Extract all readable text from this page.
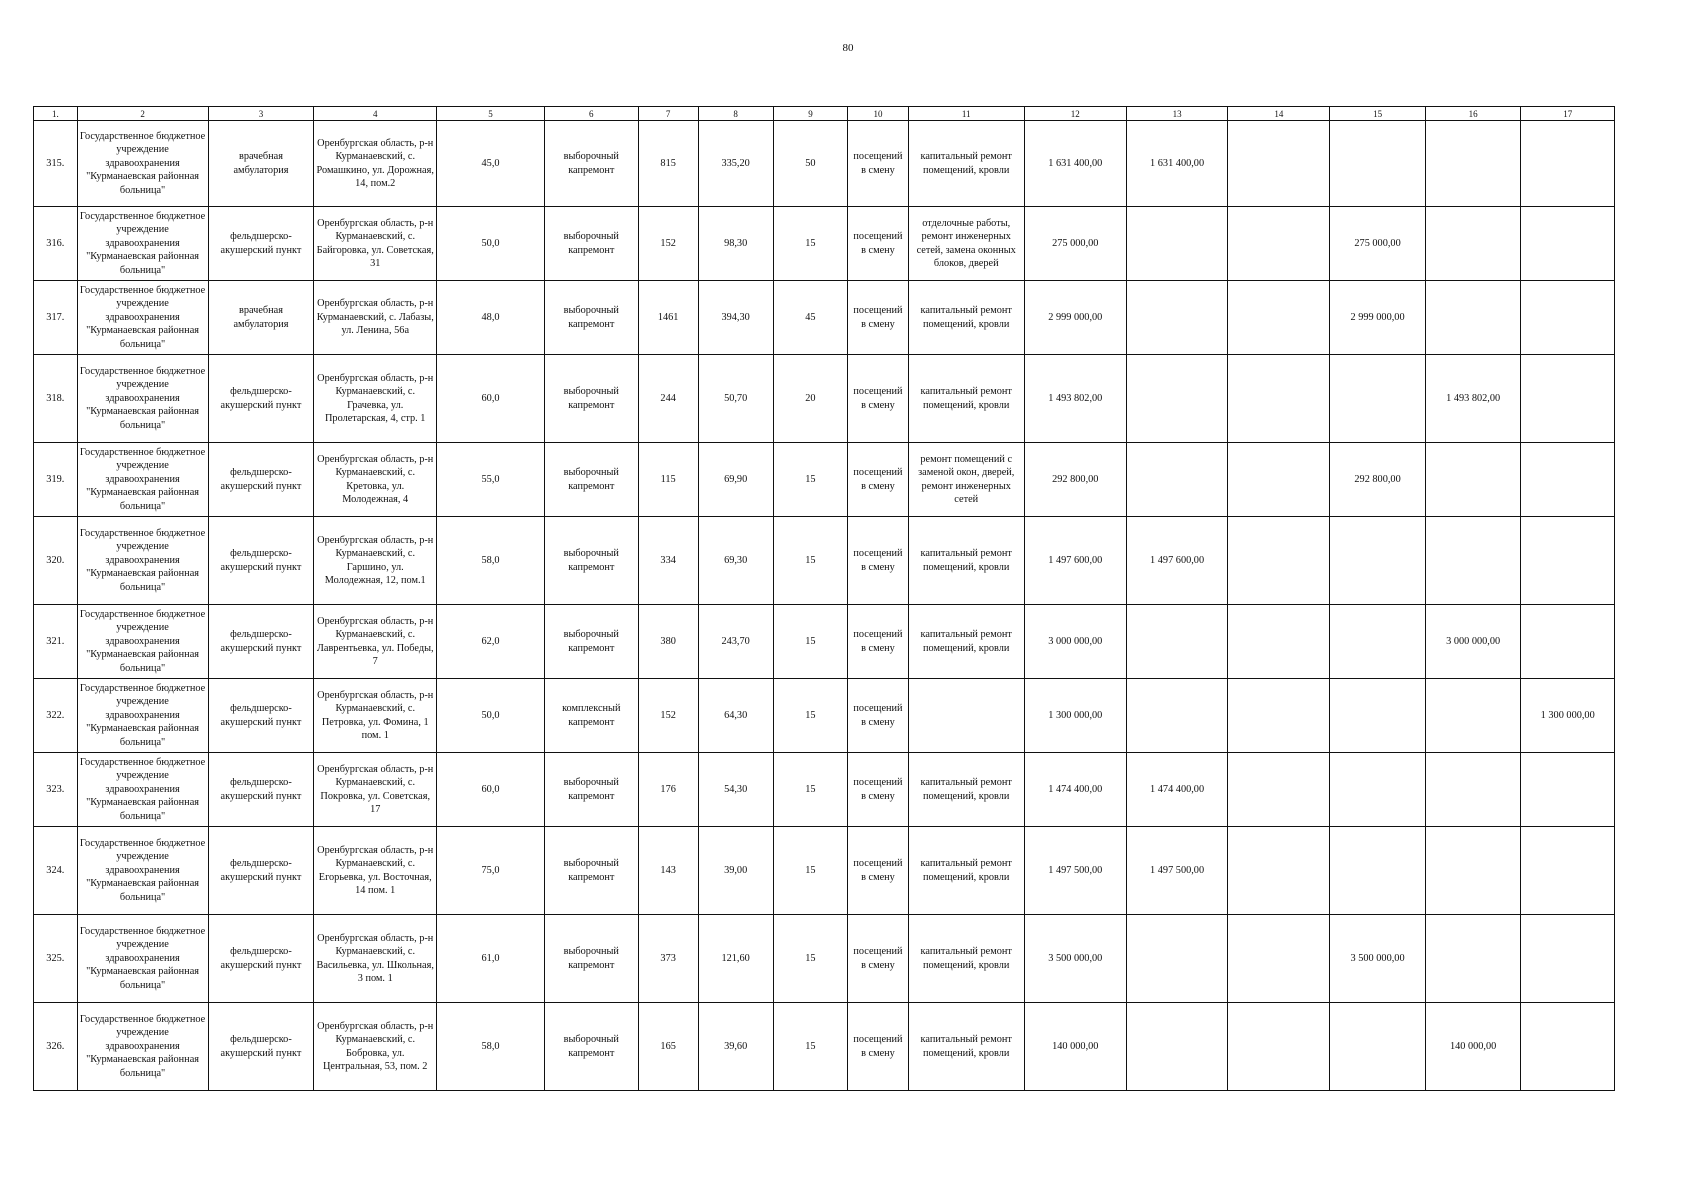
80
1.	2	3	4	5	6	7	8	9	10	11	12	13	14	15	16	17
315.	Государственное бюджетное учреждение здравоохранения "Курманаевская районная больница"	врачебная амбулатория	Оренбургская область, р-н Курманаевский, с. Ромашкино, ул. Дорожная, 14, пом.2	45,0	выборочный капремонт	815	335,20	50	посещений в смену	капитальный ремонт помещений, кровли	1 631 400,00	1 631 400,00				
316.	Государственное бюджетное учреждение здравоохранения "Курманаевская районная больница"	фельдшерско-акушерский пункт	Оренбургская область, р-н Курманаевский, с. Байгоровка, ул. Советская, 31	50,0	выборочный капремонт	152	98,30	15	посещений в смену	отделочные работы, ремонт инженерных сетей, замена оконных блоков, дверей	275 000,00			275 000,00		
317.	Государственное бюджетное учреждение здравоохранения "Курманаевская районная больница"	врачебная амбулатория	Оренбургская область, р-н Курманаевский, с. Лабазы, ул. Ленина, 56а	48,0	выборочный капремонт	1461	394,30	45	посещений в смену	капитальный ремонт помещений, кровли	2 999 000,00			2 999 000,00		
318.	Государственное бюджетное учреждение здравоохранения "Курманаевская районная больница"	фельдшерско-акушерский пункт	Оренбургская область, р-н Курманаевский, с. Грачевка, ул. Пролетарская, 4, стр. 1	60,0	выборочный капремонт	244	50,70	20	посещений в смену	капитальный ремонт помещений, кровли	1 493 802,00				1 493 802,00	
319.	Государственное бюджетное учреждение здравоохранения "Курманаевская районная больница"	фельдшерско-акушерский пункт	Оренбургская область, р-н Курманаевский, с. Кретовка, ул. Молодежная, 4	55,0	выборочный капремонт	115	69,90	15	посещений в смену	ремонт помещений с заменой окон, дверей, ремонт инженерных сетей	292 800,00			292 800,00		
320.	Государственное бюджетное учреждение здравоохранения "Курманаевская районная больница"	фельдшерско-акушерский пункт	Оренбургская область, р-н Курманаевский, с. Гаршино, ул. Молодежная, 12, пом.1	58,0	выборочный капремонт	334	69,30	15	посещений в смену	капитальный ремонт помещений, кровли	1 497 600,00	1 497 600,00				
321.	Государственное бюджетное учреждение здравоохранения "Курманаевская районная больница"	фельдшерско-акушерский пункт	Оренбургская область, р-н Курманаевский, с. Лаврентьевка, ул. Победы, 7	62,0	выборочный капремонт	380	243,70	15	посещений в смену	капитальный ремонт помещений, кровли	3 000 000,00				3 000 000,00	
322.	Государственное бюджетное учреждение здравоохранения "Курманаевская районная больница"	фельдшерско-акушерский пункт	Оренбургская область, р-н Курманаевский, с. Петровка, ул. Фомина, 1 пом. 1	50,0	комплексный капремонт	152	64,30	15	посещений в смену		1 300 000,00					1 300 000,00
323.	Государственное бюджетное учреждение здравоохранения "Курманаевская районная больница"	фельдшерско-акушерский пункт	Оренбургская область, р-н Курманаевский, с. Покровка, ул. Советская, 17	60,0	выборочный капремонт	176	54,30	15	посещений в смену	капитальный ремонт помещений, кровли	1 474 400,00	1 474 400,00				
324.	Государственное бюджетное учреждение здравоохранения "Курманаевская районная больница"	фельдшерско-акушерский пункт	Оренбургская область, р-н Курманаевский, с. Егорьевка, ул. Восточная, 14 пом. 1	75,0	выборочный капремонт	143	39,00	15	посещений в смену	капитальный ремонт помещений, кровли	1 497 500,00	1 497 500,00				
325.	Государственное бюджетное учреждение здравоохранения "Курманаевская районная больница"	фельдшерско-акушерский пункт	Оренбургская область, р-н Курманаевский, с. Васильевка, ул. Школьная, 3 пом. 1	61,0	выборочный капремонт	373	121,60	15	посещений в смену	капитальный ремонт помещений, кровли	3 500 000,00			3 500 000,00		
326.	Государственное бюджетное учреждение здравоохранения "Курманаевская районная больница"	фельдшерско-акушерский пункт	Оренбургская область, р-н Курманаевский, с. Бобровка, ул. Центральная, 53, пом. 2	58,0	выборочный капремонт	165	39,60	15	посещений в смену	капитальный ремонт помещений, кровли	140 000,00				140 000,00	
